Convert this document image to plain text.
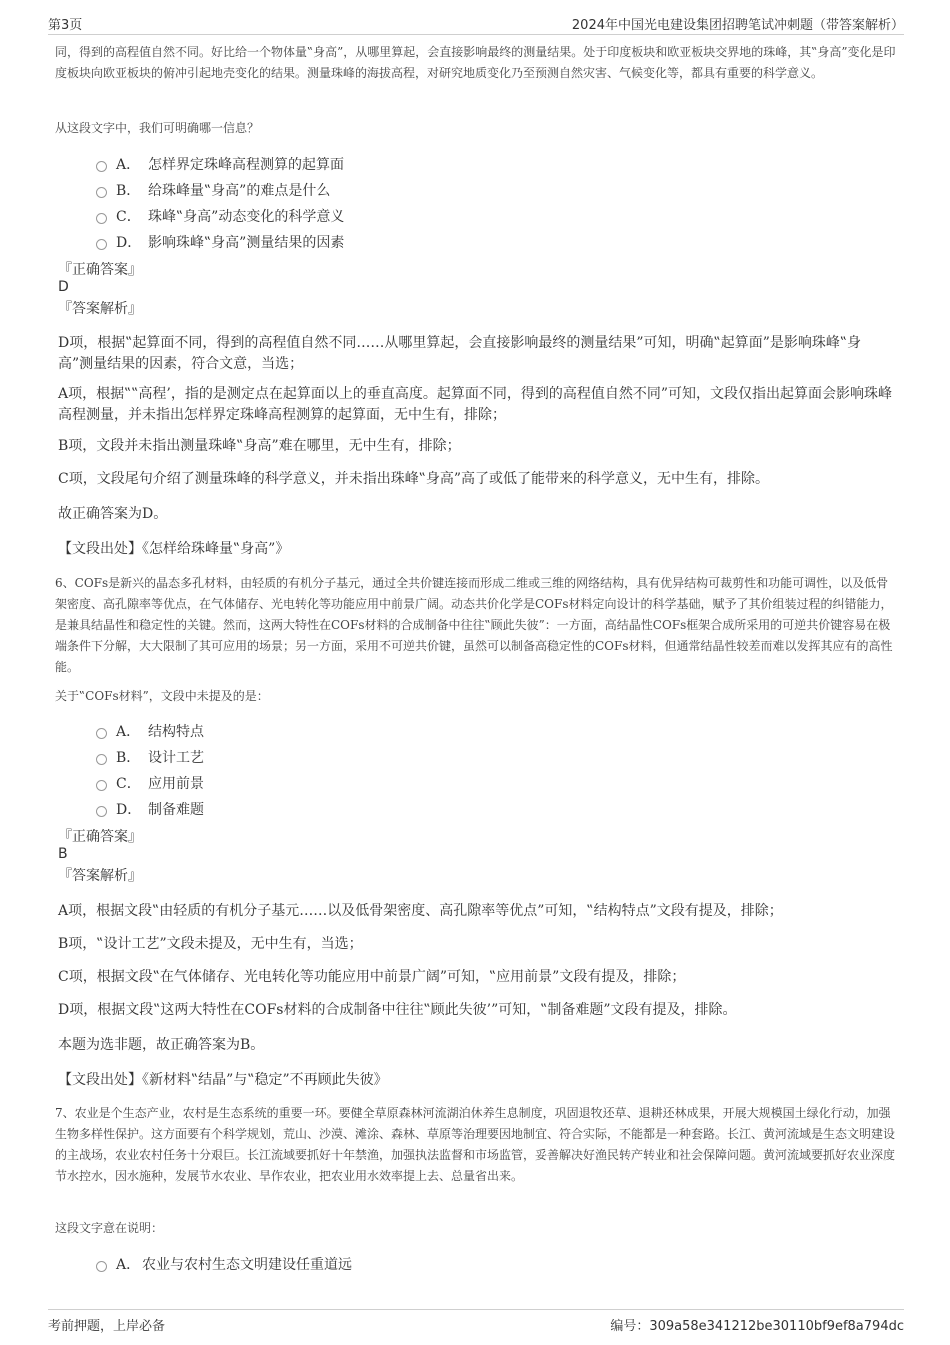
第3页	2024年中国光电建设集团招聘笔试冲刺题（带答案解析）

同，得到的高程值自然不同。好比给一个物体量‟身高”，从哪里算起，会直接影响最终的测量结果。处于印度板块和欧亚板块交界地的珠峰，其‟身高”变化是印度板块向欧亚板块的俯冲引起地壳变化的结果。测量珠峰的海拔高程，对研究地质变化乃至预测自然灾害、气候变化等，都具有重要的科学意义。

从这段文字中，我们可明确哪一信息？

A． 怎样界定珠峰高程测算的起算面
B． 给珠峰量‟身高”的难点是什么
C． 珠峰‟身高”动态变化的科学意义
D． 影响珠峰‟身高”测量结果的因素
『正确答案』
D
『答案解析』

D项，根据‟起算面不同，得到的高程值自然不同……从哪里算起，会直接影响最终的测量结果”可知，明确‟起算面”是影响珠峰‟身高”测量结果的因素，符合文意，当选；

A项，根据‟‟高程’，指的是测定点在起算面以上的垂直高度。起算面不同，得到的高程值自然不同”可知，文段仅指出起算面会影响珠峰高程测量，并未指出怎样界定珠峰高程测算的起算面，无中生有，排除；

B项，文段并未指出测量珠峰‟身高”难在哪里，无中生有，排除；

C项，文段尾句介绍了测量珠峰的科学意义，并未指出珠峰‟身高”高了或低了能带来的科学意义，无中生有，排除。

故正确答案为D。

【文段出处】《怎样给珠峰量‟身高”》

6、COFs是新兴的晶态多孔材料，由轻质的有机分子基元，通过全共价键连接而形成二维或三维的网络结构，具有优异结构可裁剪性和功能可调性，以及低骨架密度、高孔隙率等优点，在气体储存、光电转化等功能应用中前景广阔。动态共价化学是COFs材料定向设计的科学基础，赋予了其价组装过程的纠错能力，是兼具结晶性和稳定性的关键。然而，这两大特性在COFs材料的合成制备中往往‟顾此失彼”：一方面，高结晶性COFs框架合成所采用的可逆共价键容易在极端条件下分解，大大限制了其可应用的场景；另一方面，采用不可逆共价键，虽然可以制备高稳定性的COFs材料，但通常结晶性较差而难以发挥其应有的高性能。

关于‟COFs材料”，文段中未提及的是：

A． 结构特点
B． 设计工艺
C． 应用前景
D． 制备难题
『正确答案』
B
『答案解析』

A项，根据文段‟由轻质的有机分子基元……以及低骨架密度、高孔隙率等优点”可知，‟结构特点”文段有提及，排除；

B项，‟设计工艺”文段未提及，无中生有，当选；

C项，根据文段‟在气体储存、光电转化等功能应用中前景广阔”可知，‟应用前景”文段有提及，排除；

D项，根据文段‟这两大特性在COFs材料的合成制备中往往‟顾此失彼’”可知，‟制备难题”文段有提及，排除。

本题为选非题，故正确答案为B。

【文段出处】《新材料‟结晶”与‟稳定”不再顾此失彼》

7、农业是个生态产业，农村是生态系统的重要一环。要健全草原森林河流湖泊休养生息制度，巩固退牧还草、退耕还林成果，开展大规模国土绿化行动，加强生物多样性保护。这方面要有个科学规划，荒山、沙漠、滩涂、森林、草原等治理要因地制宜、符合实际，不能都是一种套路。长江、黄河流域是生态文明建设的主战场，农业农村任务十分艰巨。长江流域要抓好十年禁渔，加强执法监督和市场监管，妥善解决好渔民转产转业和社会保障问题。黄河流域要抓好农业深度节水控水，因水施种，发展节水农业、旱作农业，把农业用水效率提上去、总量省出来。

这段文字意在说明：

A． 农业与农村生态文明建设任重道远
考前押题，上岸必备	编号：309a58e341212be30110bf9ef8a794dc
